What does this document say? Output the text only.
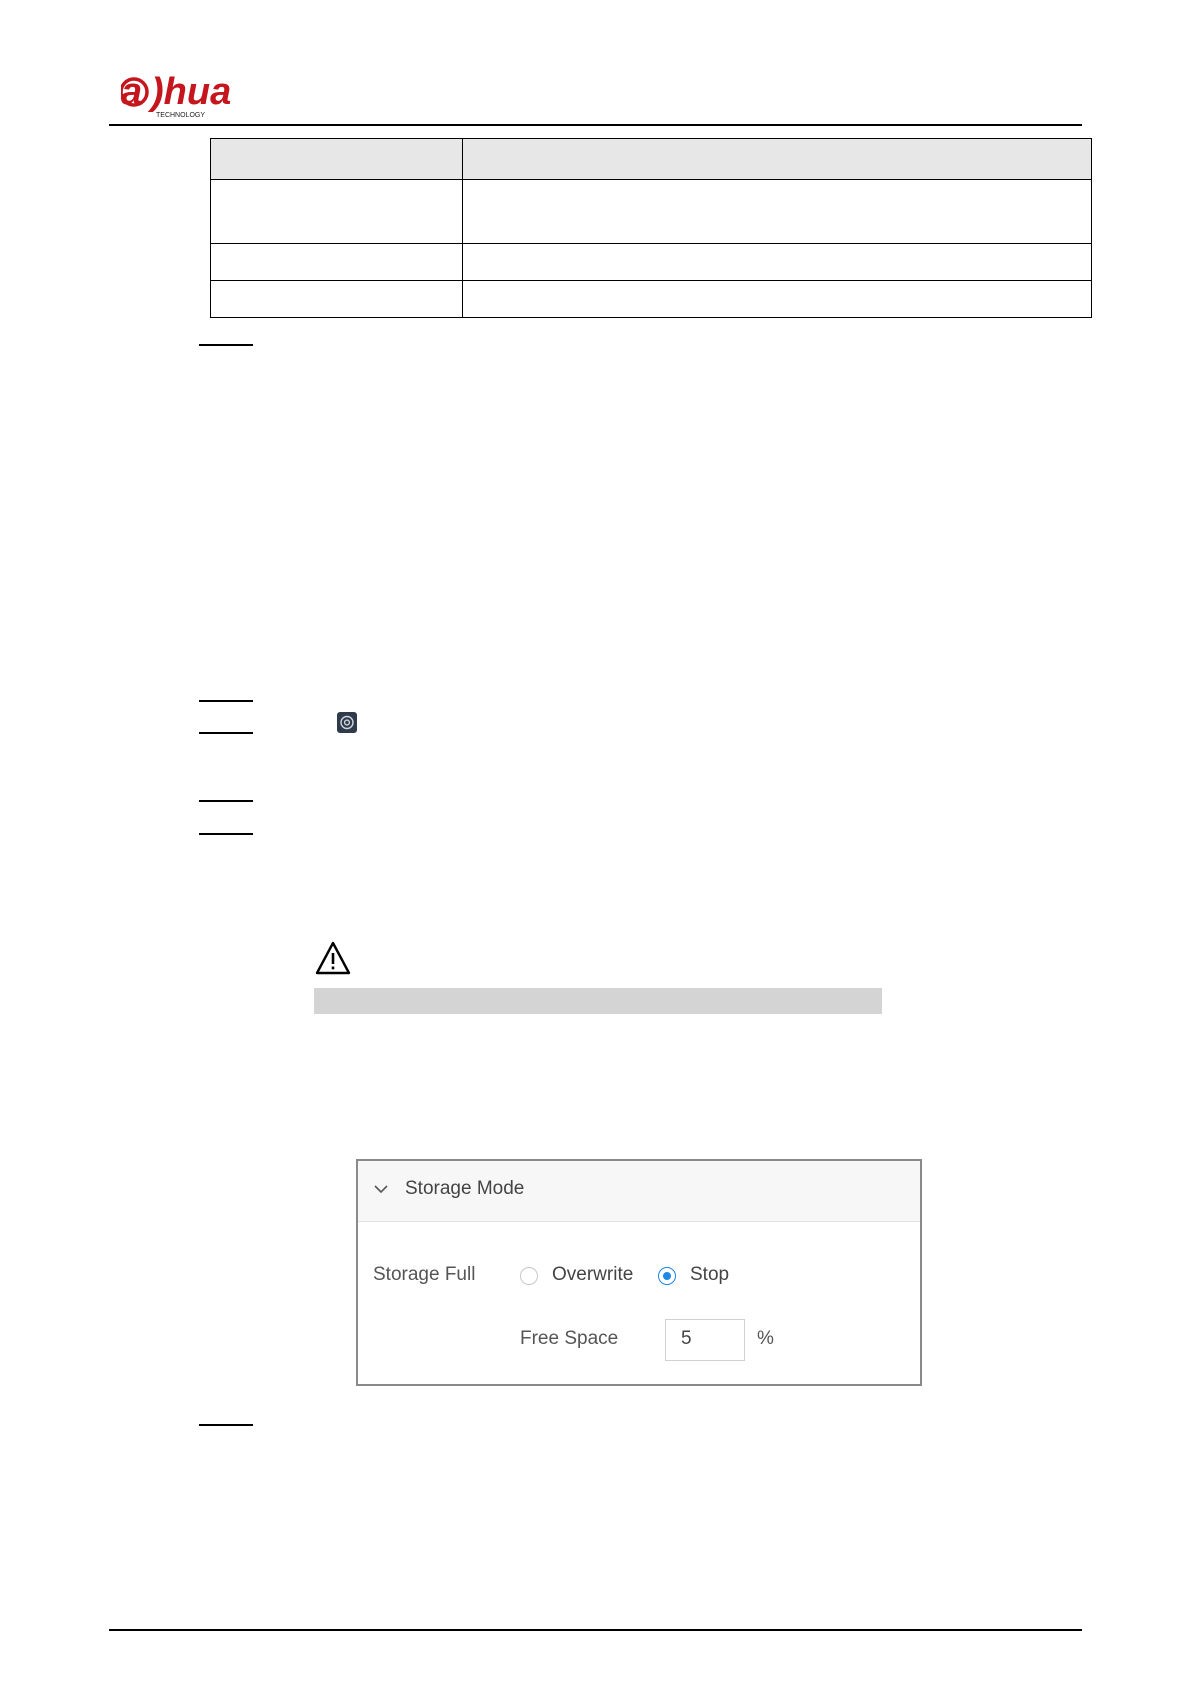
a )hua
TECHNOLOGY

Storage Mode
Storage Full	Overwrite	Stop
Free Space	5	%
